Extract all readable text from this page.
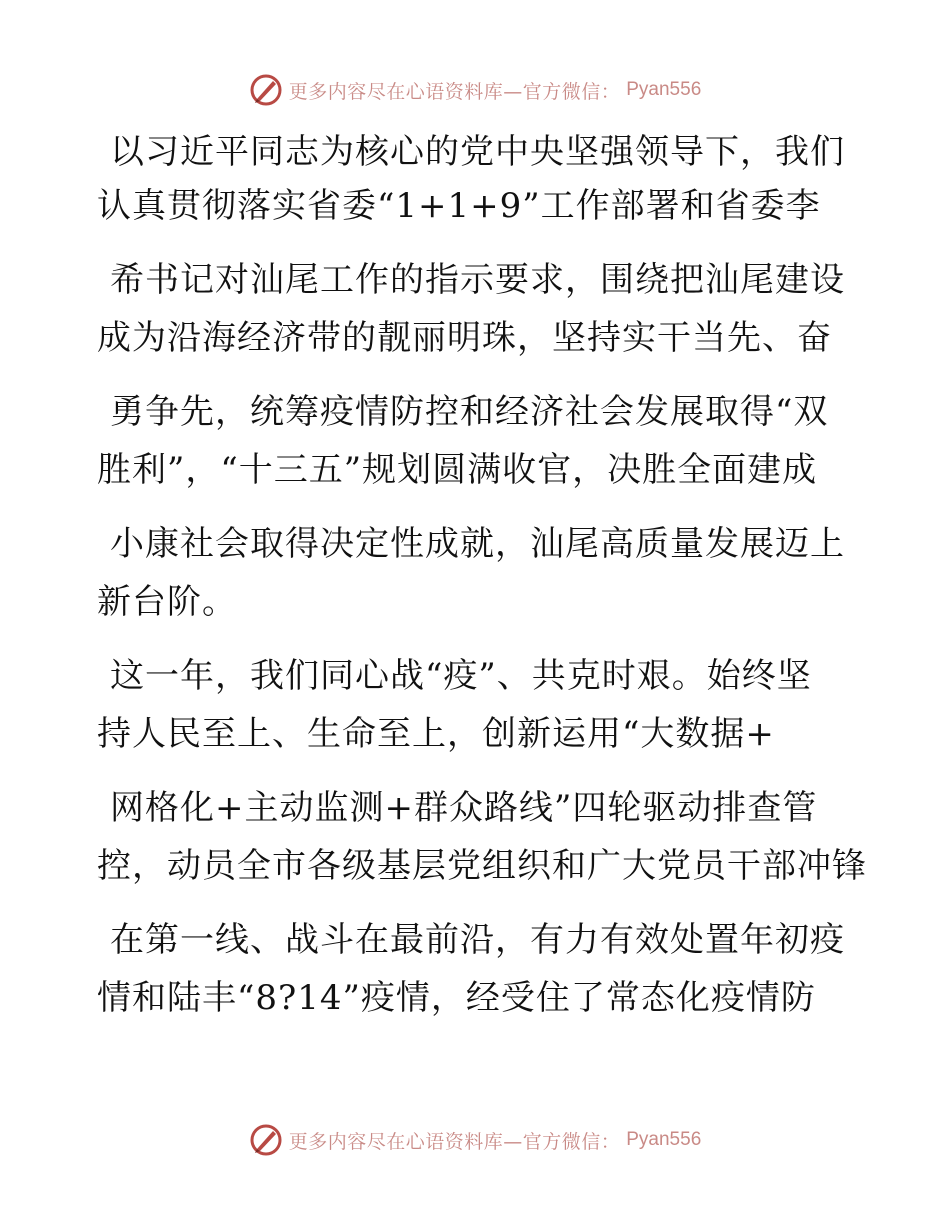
更多内容尽在心语资料库—官方微信： Pyan556
以习近平同志为核心的党中央坚强领导下，我们
认真贯彻落实省委“1+1+9”工作部署和省委李
希书记对汕尾工作的指示要求，围绕把汕尾建设
成为沿海经济带的靓丽明珠，坚持实干当先、奋
勇争先，统筹疫情防控和经济社会发展取得“双
胜利”，“十三五”规划圆满收官，决胜全面建成
小康社会取得决定性成就，汕尾高质量发展迈上
新台阶。
这一年，我们同心战“疫”、共克时艰。始终坚
持人民至上、生命至上，创新运用“大数据+
网格化+主动监测+群众路线”四轮驱动排查管
控，动员全市各级基层党组织和广大党员干部冲锋
在第一线、战斗在最前沿，有力有效处置年初疫
情和陆丰“8?14”疫情，经受住了常态化疫情防
更多内容尽在心语资料库—官方微信： Pyan556
